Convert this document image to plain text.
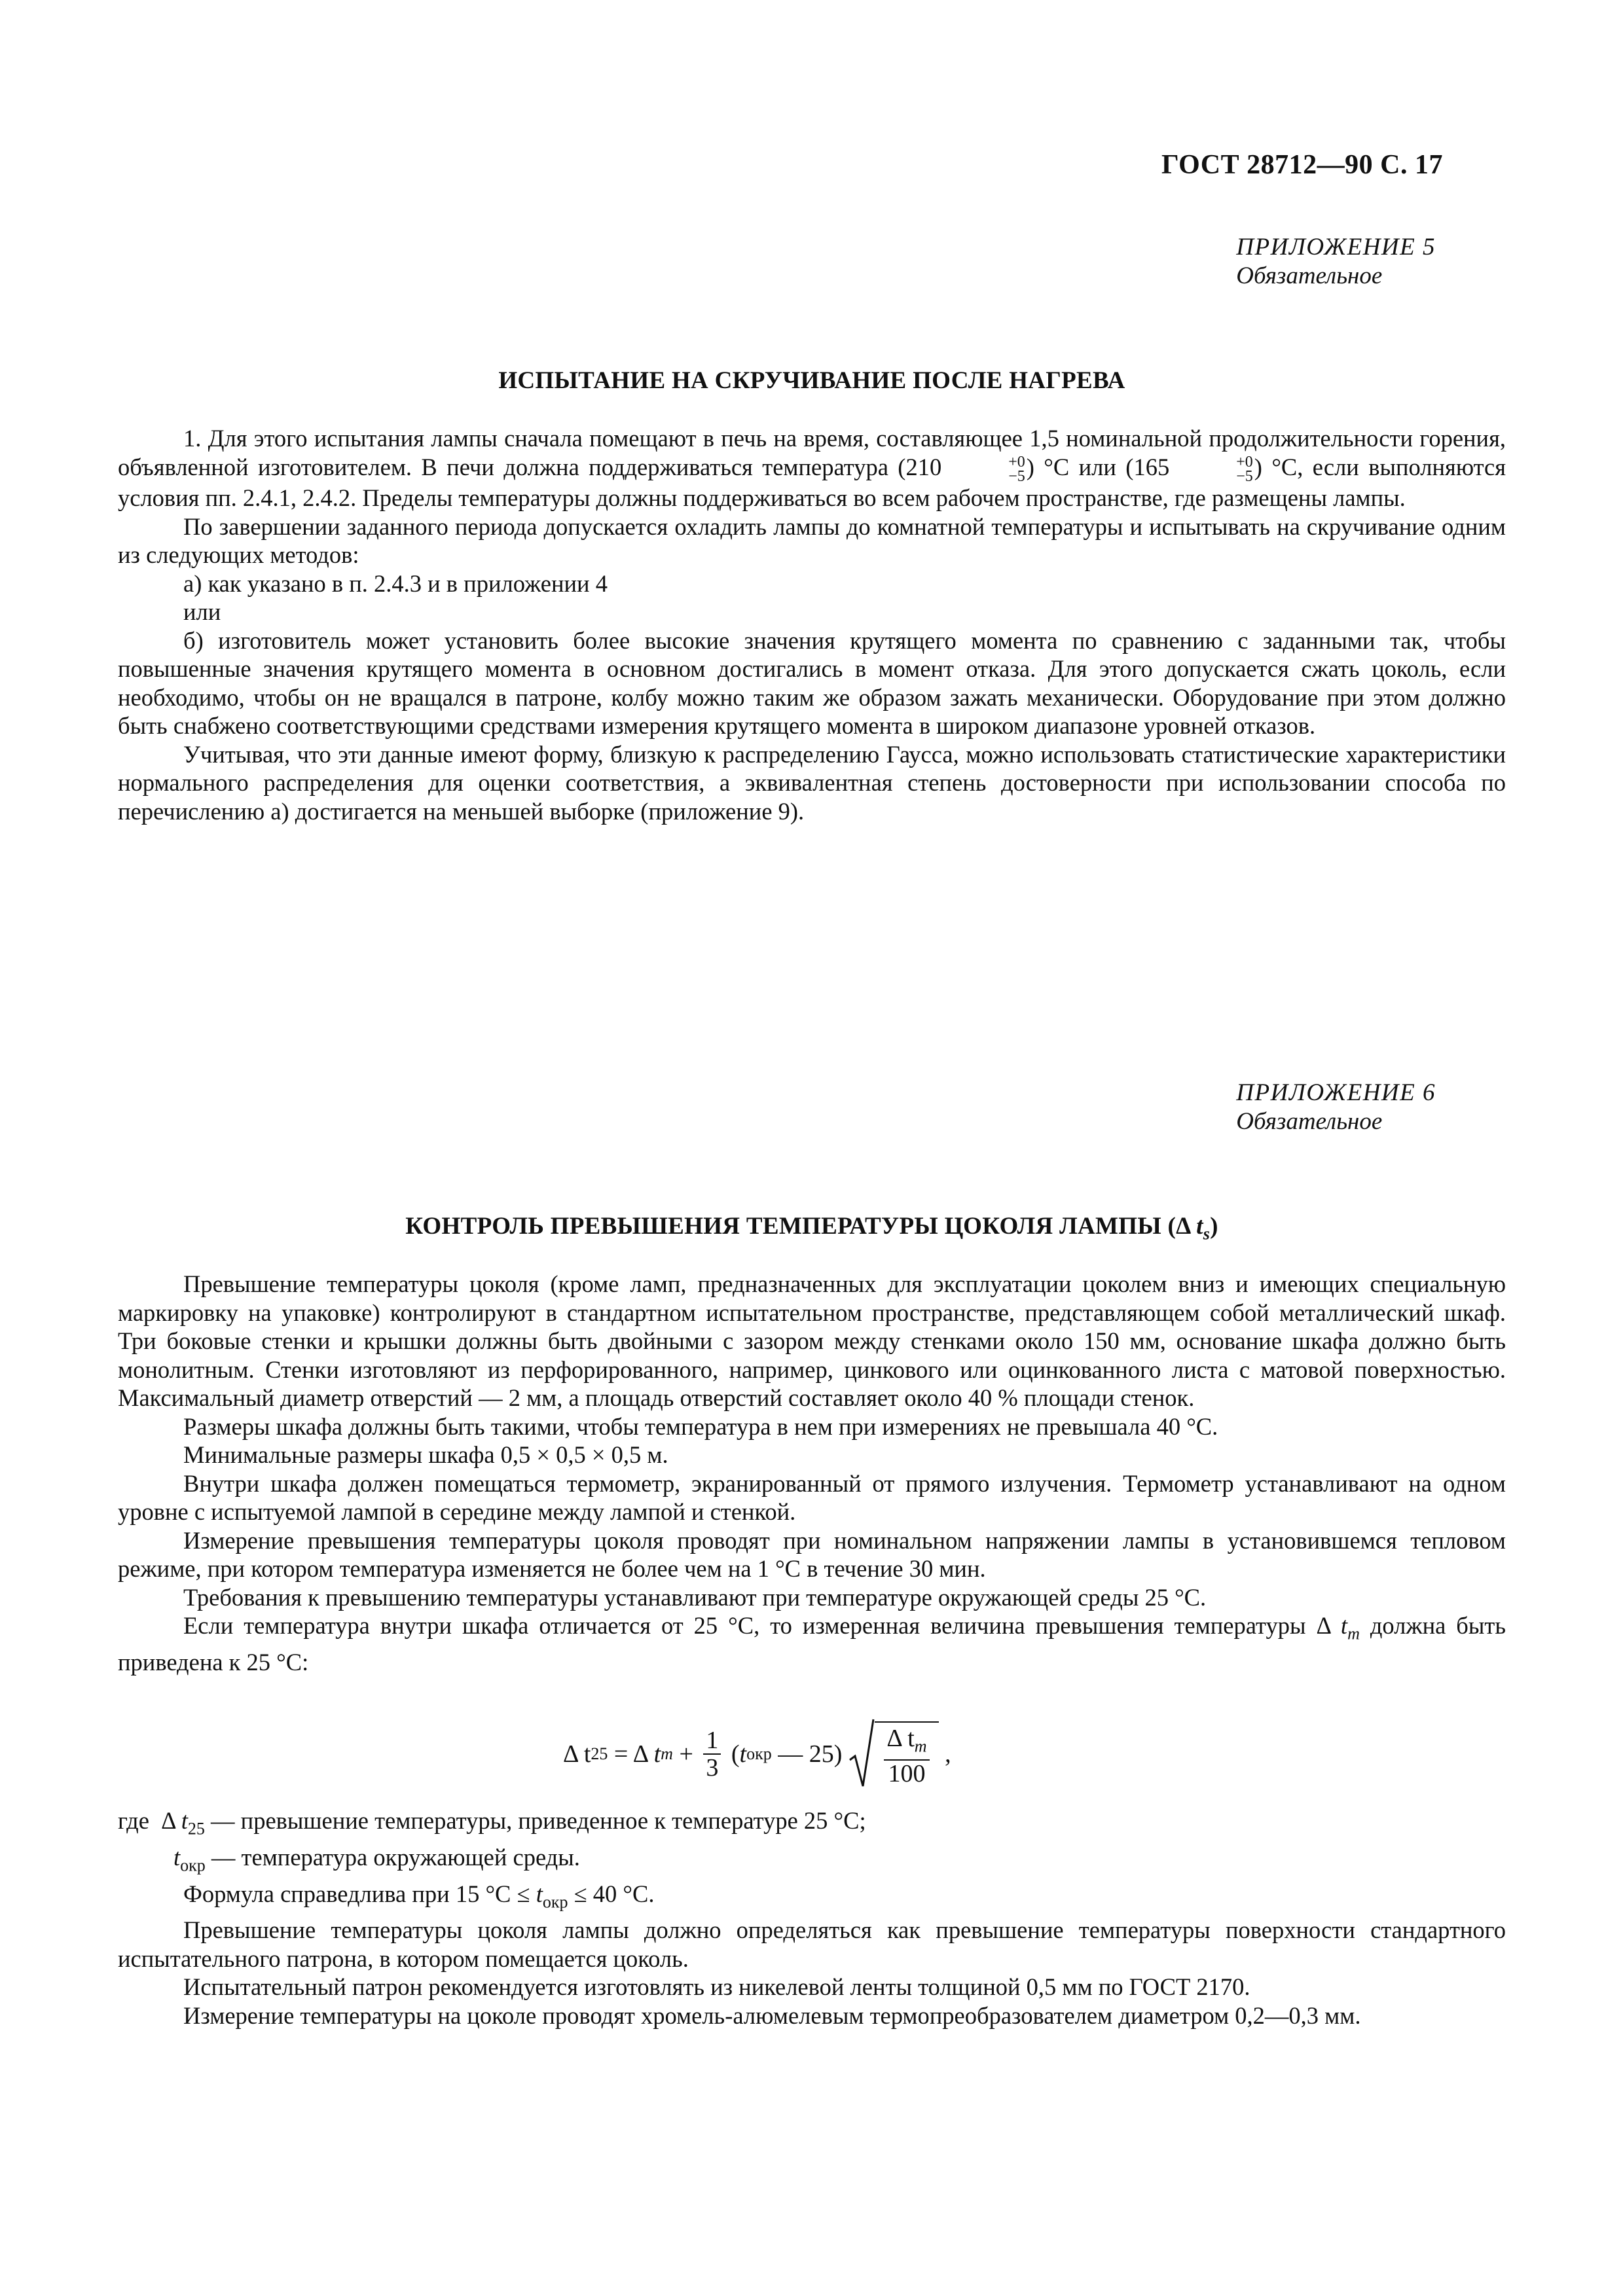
ГОСТ 28712—90 С. 17
ПРИЛОЖЕНИЕ 5
Обязательное
ИСПЫТАНИЕ НА СКРУЧИВАНИЕ ПОСЛЕ НАГРЕВА

1. Для этого испытания лампы сначала помещают в печь на время, составляющее 1,5 номинальной продолжительности горения, объявленной изготовителем. В печи должна поддерживаться температура (210	+0
−5 ) °С или (165	+0
−5 ) °С, если выполняются условия пп. 2.4.1, 2.4.2. Пределы температуры должны поддерживаться во всем рабочем пространстве, где размещены лампы.

По завершении заданного периода допускается охладить лампы до комнатной температуры и испытывать на скручивание одним из следующих методов:

а) как указано в п. 2.4.3 и в приложении 4

или

б) изготовитель может установить более высокие значения крутящего момента по сравнению с заданными так, чтобы повышенные значения крутящего момента в основном достигались в момент отказа. Для этого допускается сжать цоколь, если необходимо, чтобы он не вращался в патроне, колбу можно таким же образом зажать механически. Оборудование при этом должно быть снабжено соответствующими средствами измерения крутящего момента в широком диапазоне уровней отказов.

Учитывая, что эти данные имеют форму, близкую к распределению Гаусса, можно использовать статистические характеристики нормального распределения для оценки соответствия, а эквивалентная степень достоверности при использовании способа по перечислению а) достигается на меньшей выборке (приложение 9).

ПРИЛОЖЕНИЕ 6
Обязательное
КОНТРОЛЬ ПРЕВЫШЕНИЯ ТЕМПЕРАТУРЫ ЦОКОЛЯ ЛАМПЫ (Δ $t_s$)

Превышение температуры цоколя (кроме ламп, предназначенных для эксплуатации цоколем вниз и имеющих специальную маркировку на упаковке) контролируют в стандартном испытательном пространстве, представляющем собой металлический шкаф. Три боковые стенки и крышки должны быть двойными с зазором между стенками около 150 мм, основание шкафа должно быть монолитным. Стенки изготовляют из перфорированного, например, цинкового или оцинкованного листа с матовой поверхностью. Максимальный диаметр отверстий — 2 мм, а площадь отверстий составляет около 40 % площади стенок.

Размеры шкафа должны быть такими, чтобы температура в нем при измерениях не превышала 40 °С.

Минимальные размеры шкафа 0,5 × 0,5 × 0,5 м.

Внутри шкафа должен помещаться термометр, экранированный от прямого излучения. Термометр устанавливают на одном уровне с испытуемой лампой в середине между лампой и стенкой.

Измерение превышения температуры цоколя проводят при номинальном напряжении лампы в установившемся тепловом режиме, при котором температура изменяется не более чем на 1 °С в течение 30 мин.

Требования к превышению температуры устанавливают при температуре окружающей среды 25 °С.

Если температура внутри шкафа отличается от 25 °С, то измеренная величина превышения температуры Δ $t_m$ должна быть приведена к 25 °С:

Δ t 25 = Δ t $m + \frac{1}{3}$ ( t окр — $25) \frac{\Delta t_m}{100}$ ,

где  Δ $t_{25}$ — превышение температуры, приведенное к температуре 25 °С;

$t_{окр}$ — температура окружающей среды.

Формула справедлива при 15 $^\circ С \le t_{окр} \le 40$ °С.

Превышение температуры цоколя лампы должно определяться как превышение температуры поверхности стандартного испытательного патрона, в котором помещается цоколь.

Испытательный патрон рекомендуется изготовлять из никелевой ленты толщиной 0,5 мм по ГОСТ 2170.

Измерение температуры на цоколе проводят хромель-алюмелевым термопреобразователем диаметром 0,2—0,3 мм.
